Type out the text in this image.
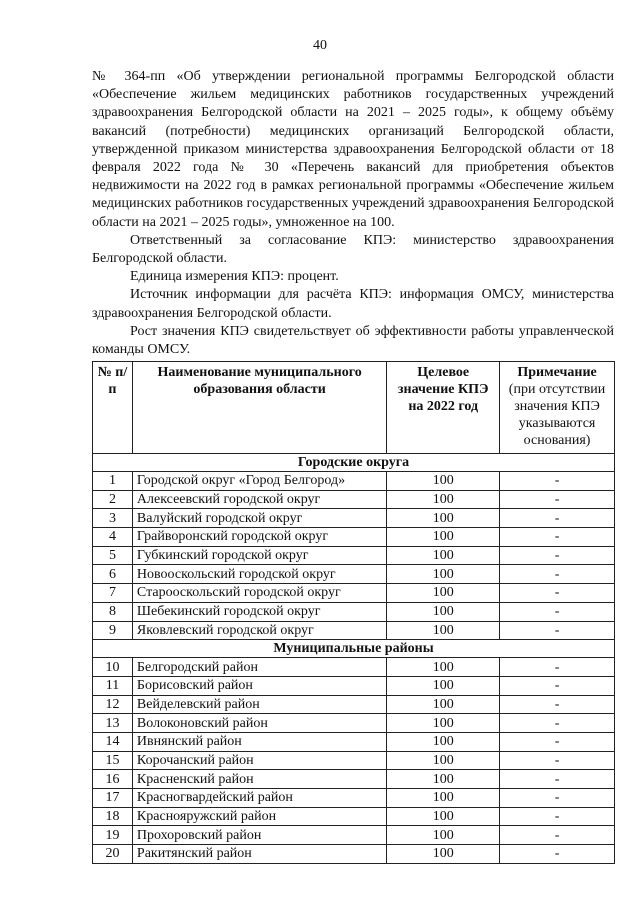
40

№ 364-пп «Об утверждении региональной программы Белгородской области «Обеспечение жильем медицинских работников государственных учреждений здравоохранения Белгородской области на 2021 – 2025 годы», к общему объёму вакансий (потребности) медицинских организаций Белгородской области, утвержденной приказом министерства здравоохранения Белгородской области от 18 февраля 2022 года № 30 «Перечень вакансий для приобретения объектов недвижимости на 2022 год в рамках региональной программы «Обеспечение жильем медицинских работников государственных учреждений здравоохранения Белгородской области на 2021 – 2025 годы», умноженное на 100.

Ответственный за согласование КПЭ: министерство здравоохранения Белгородской области.

Единица измерения КПЭ: процент.

Источник информации для расчёта КПЭ: информация ОМСУ, министерства здравоохранения Белгородской области.

Рост значения КПЭ свидетельствует об эффективности работы управленческой команды ОМСУ.

№ п/п	Наименование муниципального образования области	Целевое значение КПЭ на 2022 год	Примечание
(при отсутствии значения КПЭ указываются основания)

Городские округа			
1	Городской округ «Город Белгород»	100	-
2	Алексеевский городской округ	100	-
3	Валуйский городской округ	100	-
4	Грайворонский городской округ	100	-
5	Губкинский городской округ	100	-
6	Новооскольский городской округ	100	-
7	Старооскольский городской округ	100	-
8	Шебекинский городской округ	100	-
9	Яковлевский городской округ	100	-
Муниципальные районы			
10	Белгородский район	100	-
11	Борисовский район	100	-
12	Вейделевский район	100	-
13	Волоконовский район	100	-
14	Ивнянский район	100	-
15	Корочанский район	100	-
16	Красненский район	100	-
17	Красногвардейский район	100	-
18	Краснояружский район	100	-
19	Прохоровский район	100	-
20	Ракитянский район	100	-
